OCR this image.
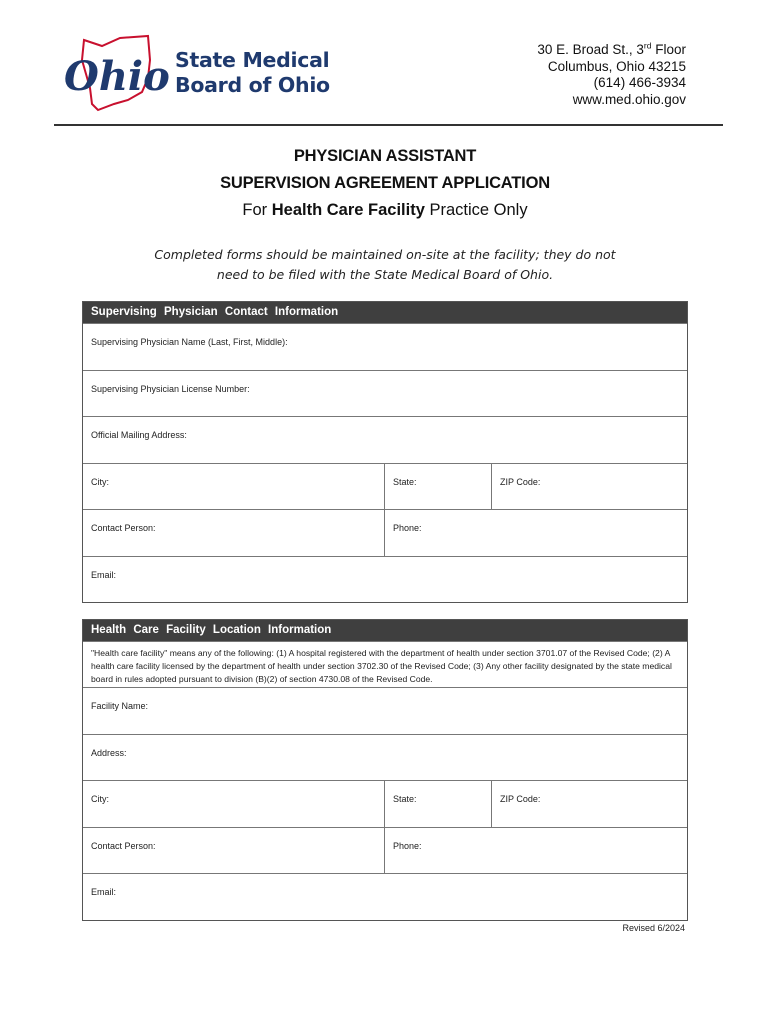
Ohio State Medical
Board of Ohio
30 E. Broad St., 3rd Floor
Columbus, Ohio 43215
(614) 466-3934
www.med.ohio.gov
PHYSICIAN ASSISTANT
SUPERVISION AGREEMENT APPLICATION
For Health Care Facility Practice Only
Completed forms should be maintained on-site at the facility; they do not
need to be filed with the State Medical Board of Ohio.
Supervising Physician Contact Information
Supervising Physician Name (Last, First, Middle):
Supervising Physician License Number:
Official Mailing Address:
City:	State:	ZIP Code:
Contact Person:	Phone:
Email:
Health Care Facility Location Information
"Health care facility" means any of the following: (1) A hospital registered with the department of health under section 3701.07 of the Revised Code; (2) A health care facility licensed by the department of health under section 3702.30 of the Revised Code; (3) Any other facility designated by the state medical board in rules adopted pursuant to division (B)(2) of section 4730.08 of the Revised Code.
Facility Name:
Address:
City:	State:	ZIP Code:
Contact Person:	Phone:
Email:
Revised 6/2024
